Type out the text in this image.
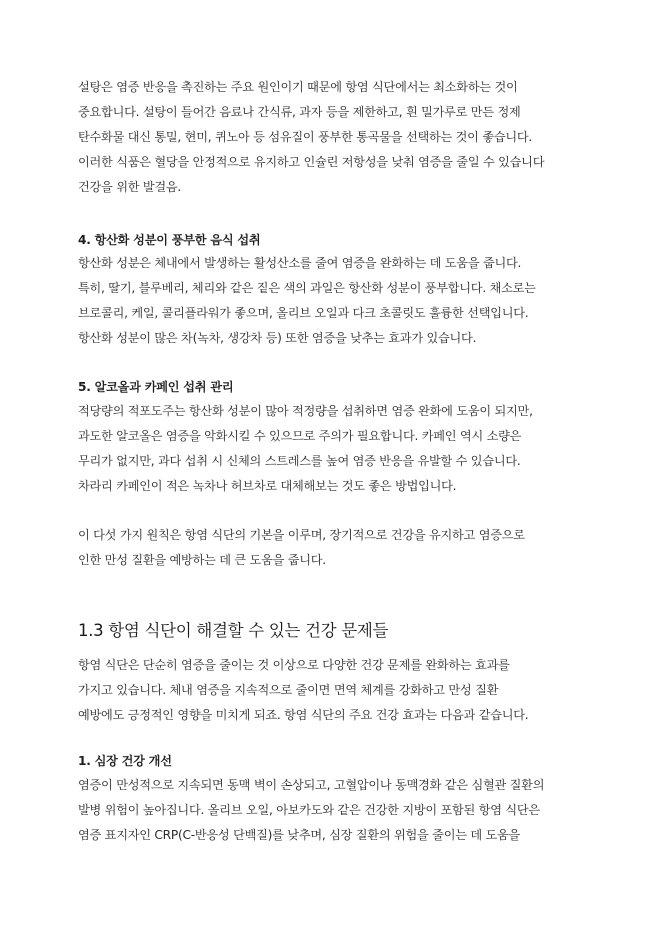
설탕은 염증 반응을 촉진하는 주요 원인이기 때문에 항염 식단에서는 최소화하는 것이
중요합니다. 설탕이 들어간 음료나 간식류, 과자 등을 제한하고, 흰 밀가루로 만든 정제
탄수화물 대신 통밀, 현미, 퀴노아 등 섬유질이 풍부한 통곡물을 선택하는 것이 좋습니다.
이러한 식품은 혈당을 안정적으로 유지하고 인슐린 저항성을 낮춰 염증을 줄일 수 있습니다
건강을 위한 발걸음.
4. 항산화 성분이 풍부한 음식 섭취
항산화 성분은 체내에서 발생하는 활성산소를 줄여 염증을 완화하는 데 도움을 줍니다.
특히, 딸기, 블루베리, 체리와 같은 짙은 색의 과일은 항산화 성분이 풍부합니다. 채소로는
브로콜리, 케일, 콜리플라워가 좋으며, 올리브 오일과 다크 초콜릿도 훌륭한 선택입니다.
항산화 성분이 많은 차(녹차, 생강차 등) 또한 염증을 낮추는 효과가 있습니다.
5. 알코올과 카페인 섭취 관리
적당량의 적포도주는 항산화 성분이 많아 적정량을 섭취하면 염증 완화에 도움이 되지만,
과도한 알코올은 염증을 악화시킬 수 있으므로 주의가 필요합니다. 카페인 역시 소량은
무리가 없지만, 과다 섭취 시 신체의 스트레스를 높여 염증 반응을 유발할 수 있습니다.
차라리 카페인이 적은 녹차나 허브차로 대체해보는 것도 좋은 방법입니다.
이 다섯 가지 원칙은 항염 식단의 기본을 이루며, 장기적으로 건강을 유지하고 염증으로
인한 만성 질환을 예방하는 데 큰 도움을 줍니다.
1.3 항염 식단이 해결할 수 있는 건강 문제들
항염 식단은 단순히 염증을 줄이는 것 이상으로 다양한 건강 문제를 완화하는 효과를
가지고 있습니다. 체내 염증을 지속적으로 줄이면 면역 체계를 강화하고 만성 질환
예방에도 긍정적인 영향을 미치게 되죠. 항염 식단의 주요 건강 효과는 다음과 같습니다.
1. 심장 건강 개선
염증이 만성적으로 지속되면 동맥 벽이 손상되고, 고혈압이나 동맥경화 같은 심혈관 질환의
발병 위험이 높아집니다. 올리브 오일, 아보카도와 같은 건강한 지방이 포함된 항염 식단은
염증 표지자인 CRP(C-반응성 단백질)를 낮추며, 심장 질환의 위험을 줄이는 데 도움을
